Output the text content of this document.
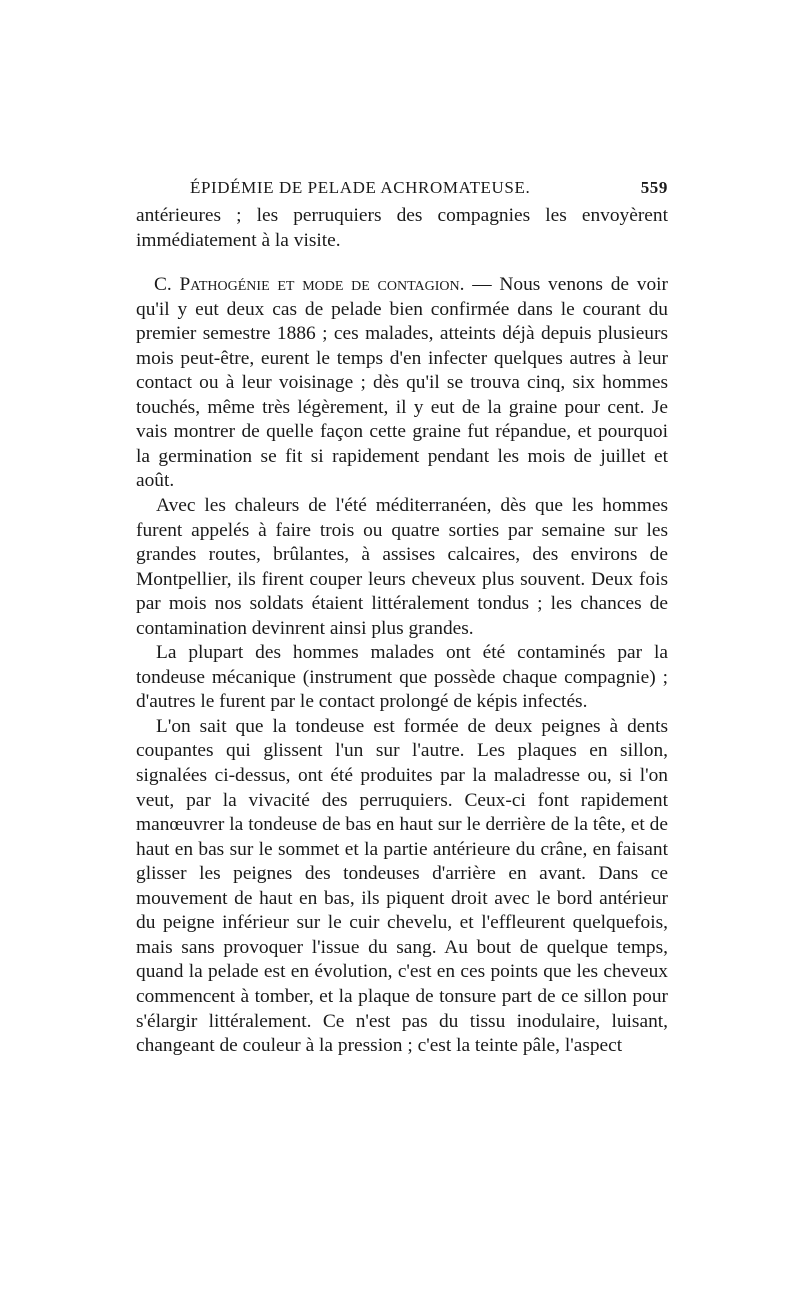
ÉPIDÉMIE DE PELADE ACHROMATEUSE.	559

antérieures ; les perruquiers des compagnies les envoyèrent immédiatement à la visite.

C. Pathogénie et mode de contagion. — Nous venons de voir qu'il y eut deux cas de pelade bien confirmée dans le courant du premier semestre 1886 ; ces malades, atteints déjà depuis plusieurs mois peut-être, eurent le temps d'en infecter quelques autres à leur contact ou à leur voisinage ; dès qu'il se trouva cinq, six hommes touchés, même très légèrement, il y eut de la graine pour cent. Je vais montrer de quelle façon cette graine fut répandue, et pourquoi la germination se fit si rapidement pendant les mois de juillet et août.

Avec les chaleurs de l'été méditerranéen, dès que les hommes furent appelés à faire trois ou quatre sorties par semaine sur les grandes routes, brûlantes, à assises calcaires, des environs de Montpellier, ils firent couper leurs cheveux plus souvent. Deux fois par mois nos soldats étaient littéralement tondus ; les chances de contamination devinrent ainsi plus grandes.

La plupart des hommes malades ont été contaminés par la tondeuse mécanique (instrument que possède chaque compagnie) ; d'autres le furent par le contact prolongé de képis infectés.

L'on sait que la tondeuse est formée de deux peignes à dents coupantes qui glissent l'un sur l'autre. Les plaques en sillon, signalées ci-dessus, ont été produites par la maladresse ou, si l'on veut, par la vivacité des perruquiers. Ceux-ci font rapidement manœuvrer la tondeuse de bas en haut sur le derrière de la tête, et de haut en bas sur le sommet et la partie antérieure du crâne, en faisant glisser les peignes des tondeuses d'arrière en avant. Dans ce mouvement de haut en bas, ils piquent droit avec le bord antérieur du peigne inférieur sur le cuir chevelu, et l'effleurent quelquefois, mais sans provoquer l'issue du sang. Au bout de quelque temps, quand la pelade est en évolution, c'est en ces points que les cheveux commencent à tomber, et la plaque de tonsure part de ce sillon pour s'élargir littéralement. Ce n'est pas du tissu inodulaire, luisant, changeant de couleur à la pression ; c'est la teinte pâle, l'aspect
